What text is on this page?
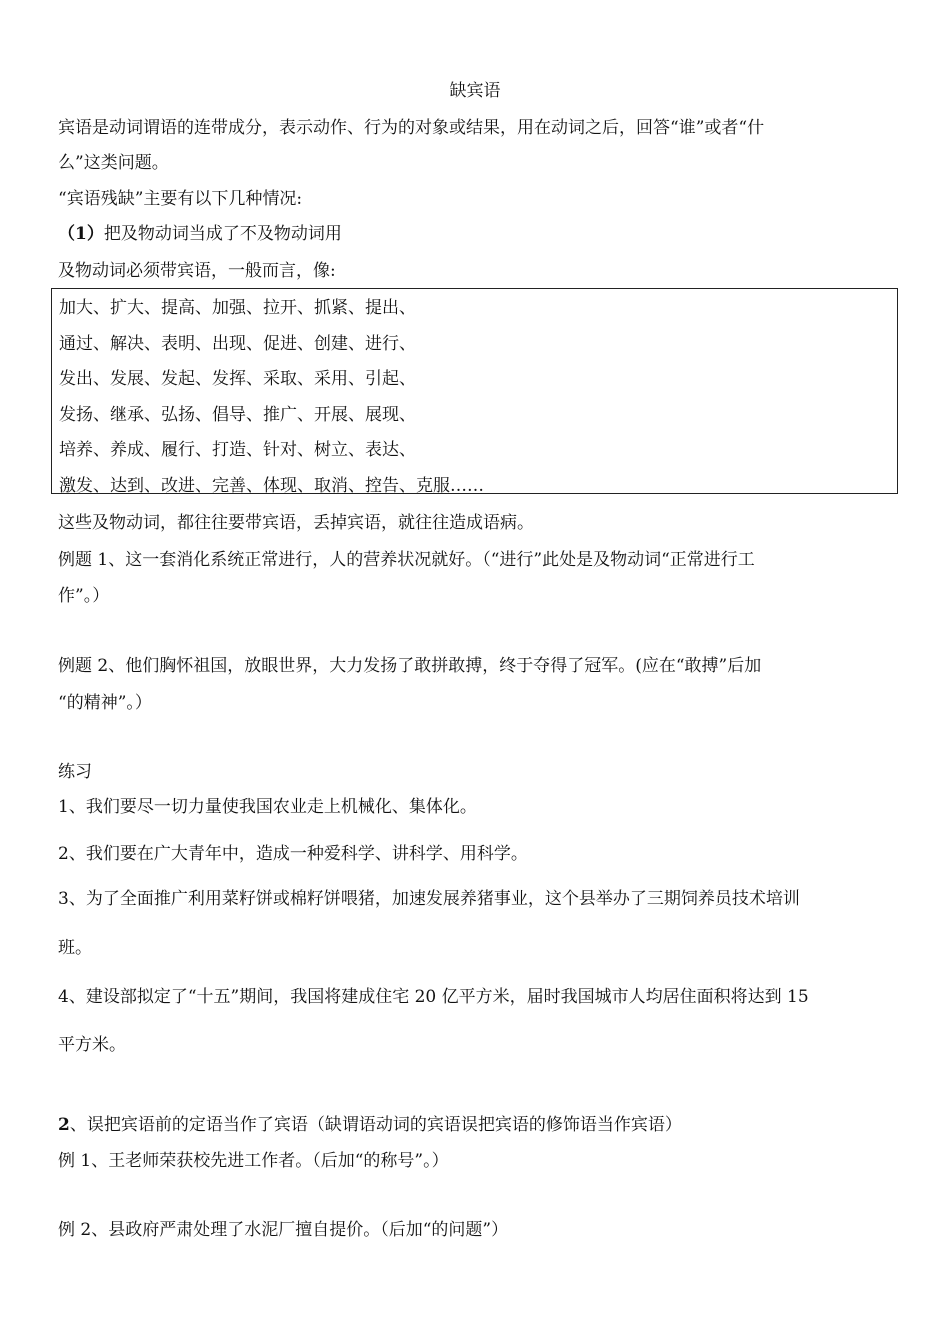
缺宾语
宾语是动词谓语的连带成分，表示动作、行为的对象或结果，用在动词之后，回答“谁”或者“什
么”这类问题。
“宾语残缺”主要有以下几种情况:
（1）把及物动词当成了不及物动词用
及物动词必须带宾语，一般而言，像:
加大、扩大、提高、加强、拉开、抓紧、提出、
通过、解决、表明、出现、促进、创建、进行、
发出、发展、发起、发挥、采取、采用、引起、
发扬、继承、弘扬、倡导、推广、开展、展现、
培养、养成、履行、打造、针对、树立、表达、
激发、达到、改进、完善、体现、取消、控告、克服……
这些及物动词，都往往要带宾语，丢掉宾语，就往往造成语病。
例题 1、这一套消化系统正常进行，人的营养状况就好。（“进行”此处是及物动词“正常进行工
作”。）
例题 2、他们胸怀祖国，放眼世界，大力发扬了敢拼敢搏，终于夺得了冠军。(应在“敢搏”后加
“的精神”。）
练习
1、我们要尽一切力量使我国农业走上机械化、集体化。
2、我们要在广大青年中，造成一种爱科学、讲科学、用科学。
3、为了全面推广利用菜籽饼或棉籽饼喂猪，加速发展养猪事业，这个县举办了三期饲养员技术培训
班。
4、建设部拟定了“十五”期间，我国将建成住宅 20 亿平方米，届时我国城市人均居住面积将达到 15
平方米。
2、误把宾语前的定语当作了宾语（缺谓语动词的宾语误把宾语的修饰语当作宾语）
例 1、王老师荣获校先进工作者。（后加“的称号”。）
例 2、县政府严肃处理了水泥厂擅自提价。（后加“的问题”）
